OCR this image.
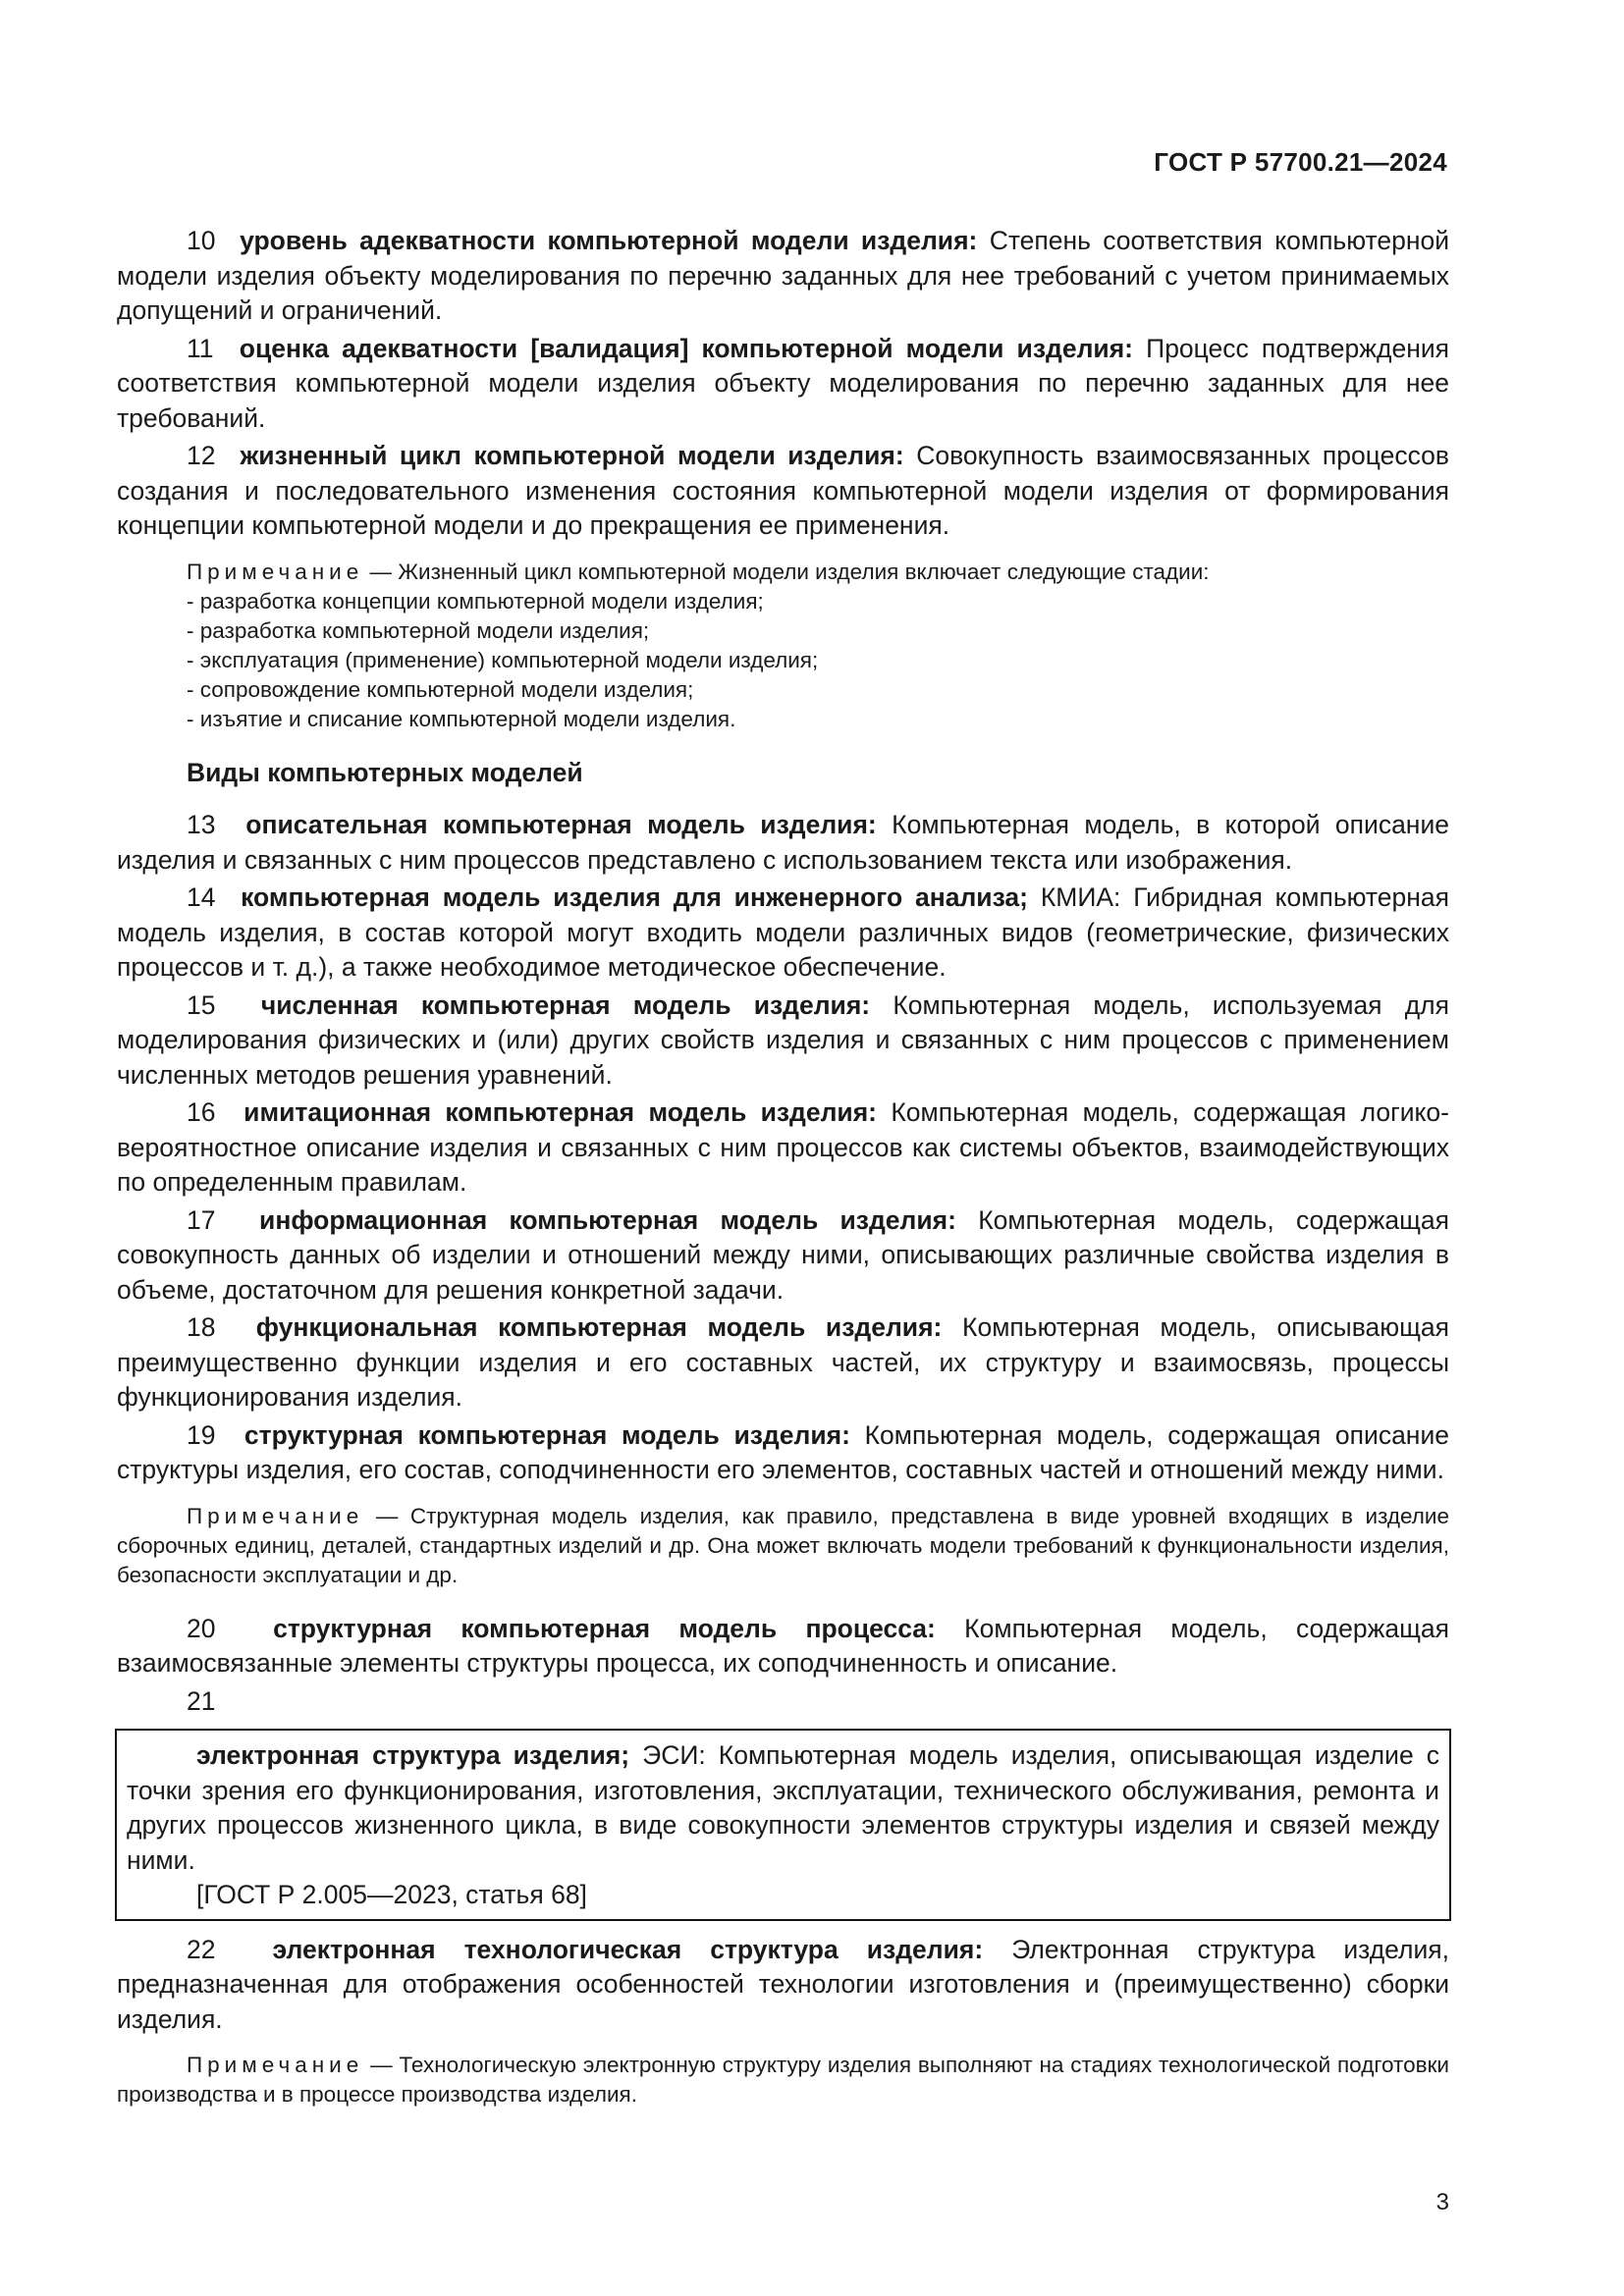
ГОСТ Р 57700.21—2024

10 уровень адекватности компьютерной модели изделия: Степень соответствия компьютерной модели изделия объекту моделирования по перечню заданных для нее требований с учетом принимаемых допущений и ограничений.

11 оценка адекватности [валидация] компьютерной модели изделия: Процесс подтверждения соответствия компьютерной модели изделия объекту моделирования по перечню заданных для нее требований.

12 жизненный цикл компьютерной модели изделия: Совокупность взаимосвязанных процессов создания и последовательного изменения состояния компьютерной модели изделия от формирования концепции компьютерной модели и до прекращения ее применения.

Примечание — Жизненный цикл компьютерной модели изделия включает следующие стадии:

- разработка концепции компьютерной модели изделия;
- разработка компьютерной модели изделия;
- эксплуатация (применение) компьютерной модели изделия;
- сопровождение компьютерной модели изделия;
- изъятие и списание компьютерной модели изделия.
Виды компьютерных моделей

13 описательная компьютерная модель изделия: Компьютерная модель, в которой описание изделия и связанных с ним процессов представлено с использованием текста или изображения.

14 компьютерная модель изделия для инженерного анализа; КМИА: Гибридная компьютерная модель изделия, в состав которой могут входить модели различных видов (геометрические, физических процессов и т. д.), а также необходимое методическое обеспечение.

15 численная компьютерная модель изделия: Компьютерная модель, используемая для моделирования физических и (или) других свойств изделия и связанных с ним процессов с применением численных методов решения уравнений.

16 имитационная компьютерная модель изделия: Компьютерная модель, содержащая логико-вероятностное описание изделия и связанных с ним процессов как системы объектов, взаимодействующих по определенным правилам.

17 информационная компьютерная модель изделия: Компьютерная модель, содержащая совокупность данных об изделии и отношений между ними, описывающих различные свойства изделия в объеме, достаточном для решения конкретной задачи.

18 функциональная компьютерная модель изделия: Компьютерная модель, описывающая преимущественно функции изделия и его составных частей, их структуру и взаимосвязь, процессы функционирования изделия.

19 структурная компьютерная модель изделия: Компьютерная модель, содержащая описание структуры изделия, его состав, соподчиненности его элементов, составных частей и отношений между ними.

Примечание — Структурная модель изделия, как правило, представлена в виде уровней входящих в изделие сборочных единиц, деталей, стандартных изделий и др. Она может включать модели требований к функциональности изделия, безопасности эксплуатации и др.

20 структурная компьютерная модель процесса: Компьютерная модель, содержащая взаимосвязанные элементы структуры процесса, их соподчиненность и описание.

21

электронная структура изделия; ЭСИ: Компьютерная модель изделия, описывающая изделие с точки зрения его функционирования, изготовления, эксплуатации, технического обслуживания, ремонта и других процессов жизненного цикла, в виде совокупности элементов структуры изделия и связей между ними.

[ГОСТ Р 2.005—2023, статья 68]

22 электронная технологическая структура изделия: Электронная структура изделия, предназначенная для отображения особенностей технологии изготовления и (преимущественно) сборки изделия.

Примечание — Технологическую электронную структуру изделия выполняют на стадиях технологической подготовки производства и в процессе производства изделия.

3
